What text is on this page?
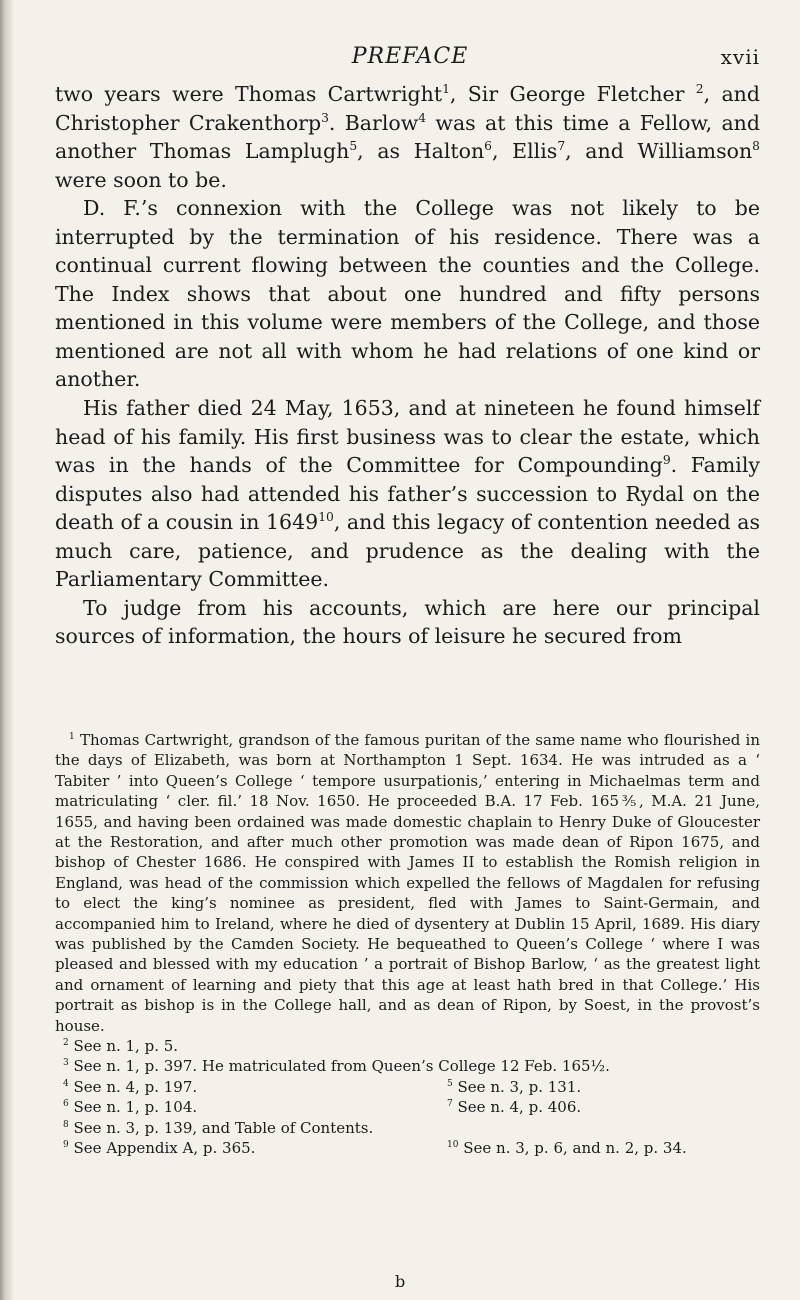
PREFACE	xvii

two years were Thomas Cartwright$^1$, Sir George Fletcher $^2$, and Christopher Crakenthorp$^3$. Barlow$^4$ was at this time a Fellow, and another Thomas Lamplugh$^5$, as Halton$^6$, Ellis$^7$, and Williamson$^8$ were soon to be.

D. F.’s connexion with the College was not likely to be interrupted by the termination of his residence. There was a continual current flowing between the counties and the College. The Index shows that about one hundred and fifty persons mentioned in this volume were members of the College, and those mentioned are not all with whom he had relations of one kind or another.

His father died 24 May, 1653, and at nineteen he found himself head of his family. His first business was to clear the estate, which was in the hands of the Committee for Compounding$^9$. Family disputes also had attended his father’s succession to Rydal on the death of a cousin in 1649$^{10}$, and this legacy of contention needed as much care, patience, and prudence as the dealing with the Parliamentary Committee.

To judge from his accounts, which are here our principal sources of information, the hours of leisure he secured from

$^1$ Thomas Cartwright, grandson of the famous puritan of the same name who flourished in the days of Elizabeth, was born at Northampton 1 Sept. 1634. He was intruded as a ‘ Tabiter ’ into Queen’s College ‘ tempore usurpationis,’ entering in Michaelmas term and matriculating ‘ cler. fil.’ 18 Nov. 1650. He proceeded B.A. 17 Feb. 165⅗, M.A. 21 June, 1655, and having been ordained was made domestic chaplain to Henry Duke of Gloucester at the Restoration, and after much other promotion was made dean of Ripon 1675, and bishop of Chester 1686. He conspired with James II to establish the Romish religion in England, was head of the commission which expelled the fellows of Magdalen for refusing to elect the king’s nominee as president, fled with James to Saint-Germain, and accompanied him to Ireland, where he died of dysentery at Dublin 15 April, 1689. His diary was published by the Camden Society. He bequeathed to Queen’s College ‘ where I was pleased and blessed with my education ’ a portrait of Bishop Barlow, ‘ as the greatest light and ornament of learning and piety that this age at least hath bred in that College.’ His portrait as bishop is in the College hall, and as dean of Ripon, by Soest, in the provost’s house.

$^2$ See n. 1, p. 5.

$^3$ See n. 1, p. 397. He matriculated from Queen’s College 12 Feb. 165½.

$^4$ See n. 4, p. 197.	$^5$ See n. 3, p. 131.

$^6$ See n. 1, p. 104.	$^7$ See n. 4, p. 406.

$^8$ See n. 3, p. 139, and Table of Contents.

$^9$ See Appendix A, p. 365.	$^{10}$ See n. 3, p. 6, and n. 2, p. 34.

b
